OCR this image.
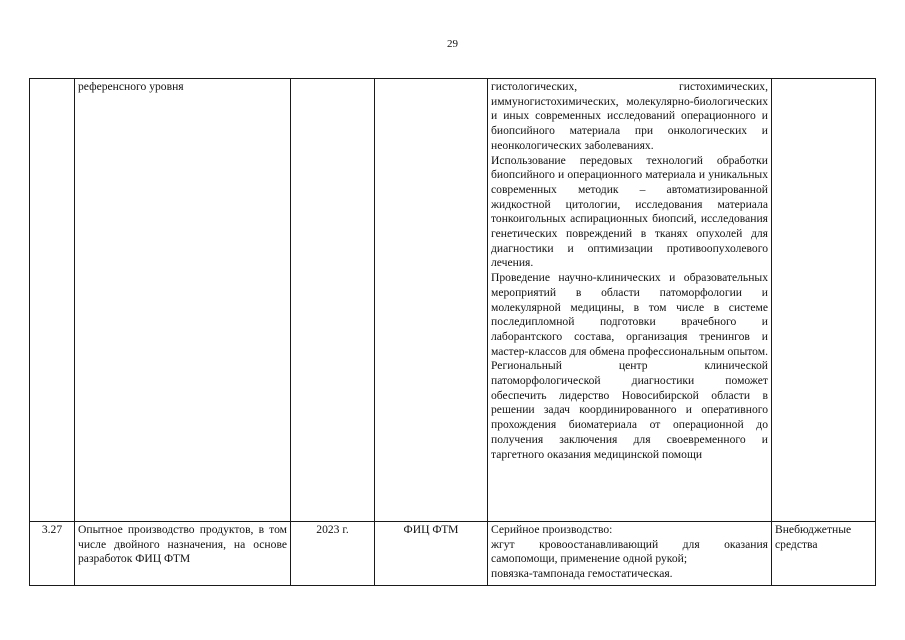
29
	референсного уровня			гистологических, гистохимических, иммуногистохимических, молекулярно-биологических и иных современных исследований операционного и биопсийного материала при онкологических и неонкологических заболеваниях.
Использование передовых технологий обработки биопсийного и операционного материала и уникальных современных методик – автоматизированной жидкостной цитологии, исследования материала тонкоигольных аспирационных биопсий, исследования генетических повреждений в тканях опухолей для диагностики и оптимизации противоопухолевого лечения.
Проведение научно-клинических и образовательных мероприятий в области патоморфологии и молекулярной медицины, в том числе в системе последипломной подготовки врачебного и лаборантского состава, организация тренингов и мастер-классов для обмена профессиональным опытом.
Региональный центр клинической патоморфологической диагностики поможет обеспечить лидерство Новосибирской области в решении задач координированного и оперативного прохождения биоматериала от операционной до получения заключения для своевременного и таргетного оказания медицинской помощи	

3.27	Опытное производство продуктов, в том числе двойного назначения, на основе разработок ФИЦ ФТМ	2023 г.	ФИЦ ФТМ	Серийное производство:
жгут кровоостанавливающий для оказания самопомощи, применение одной рукой;
повязка-тампонада гемостатическая.	Внебюджетные средства
